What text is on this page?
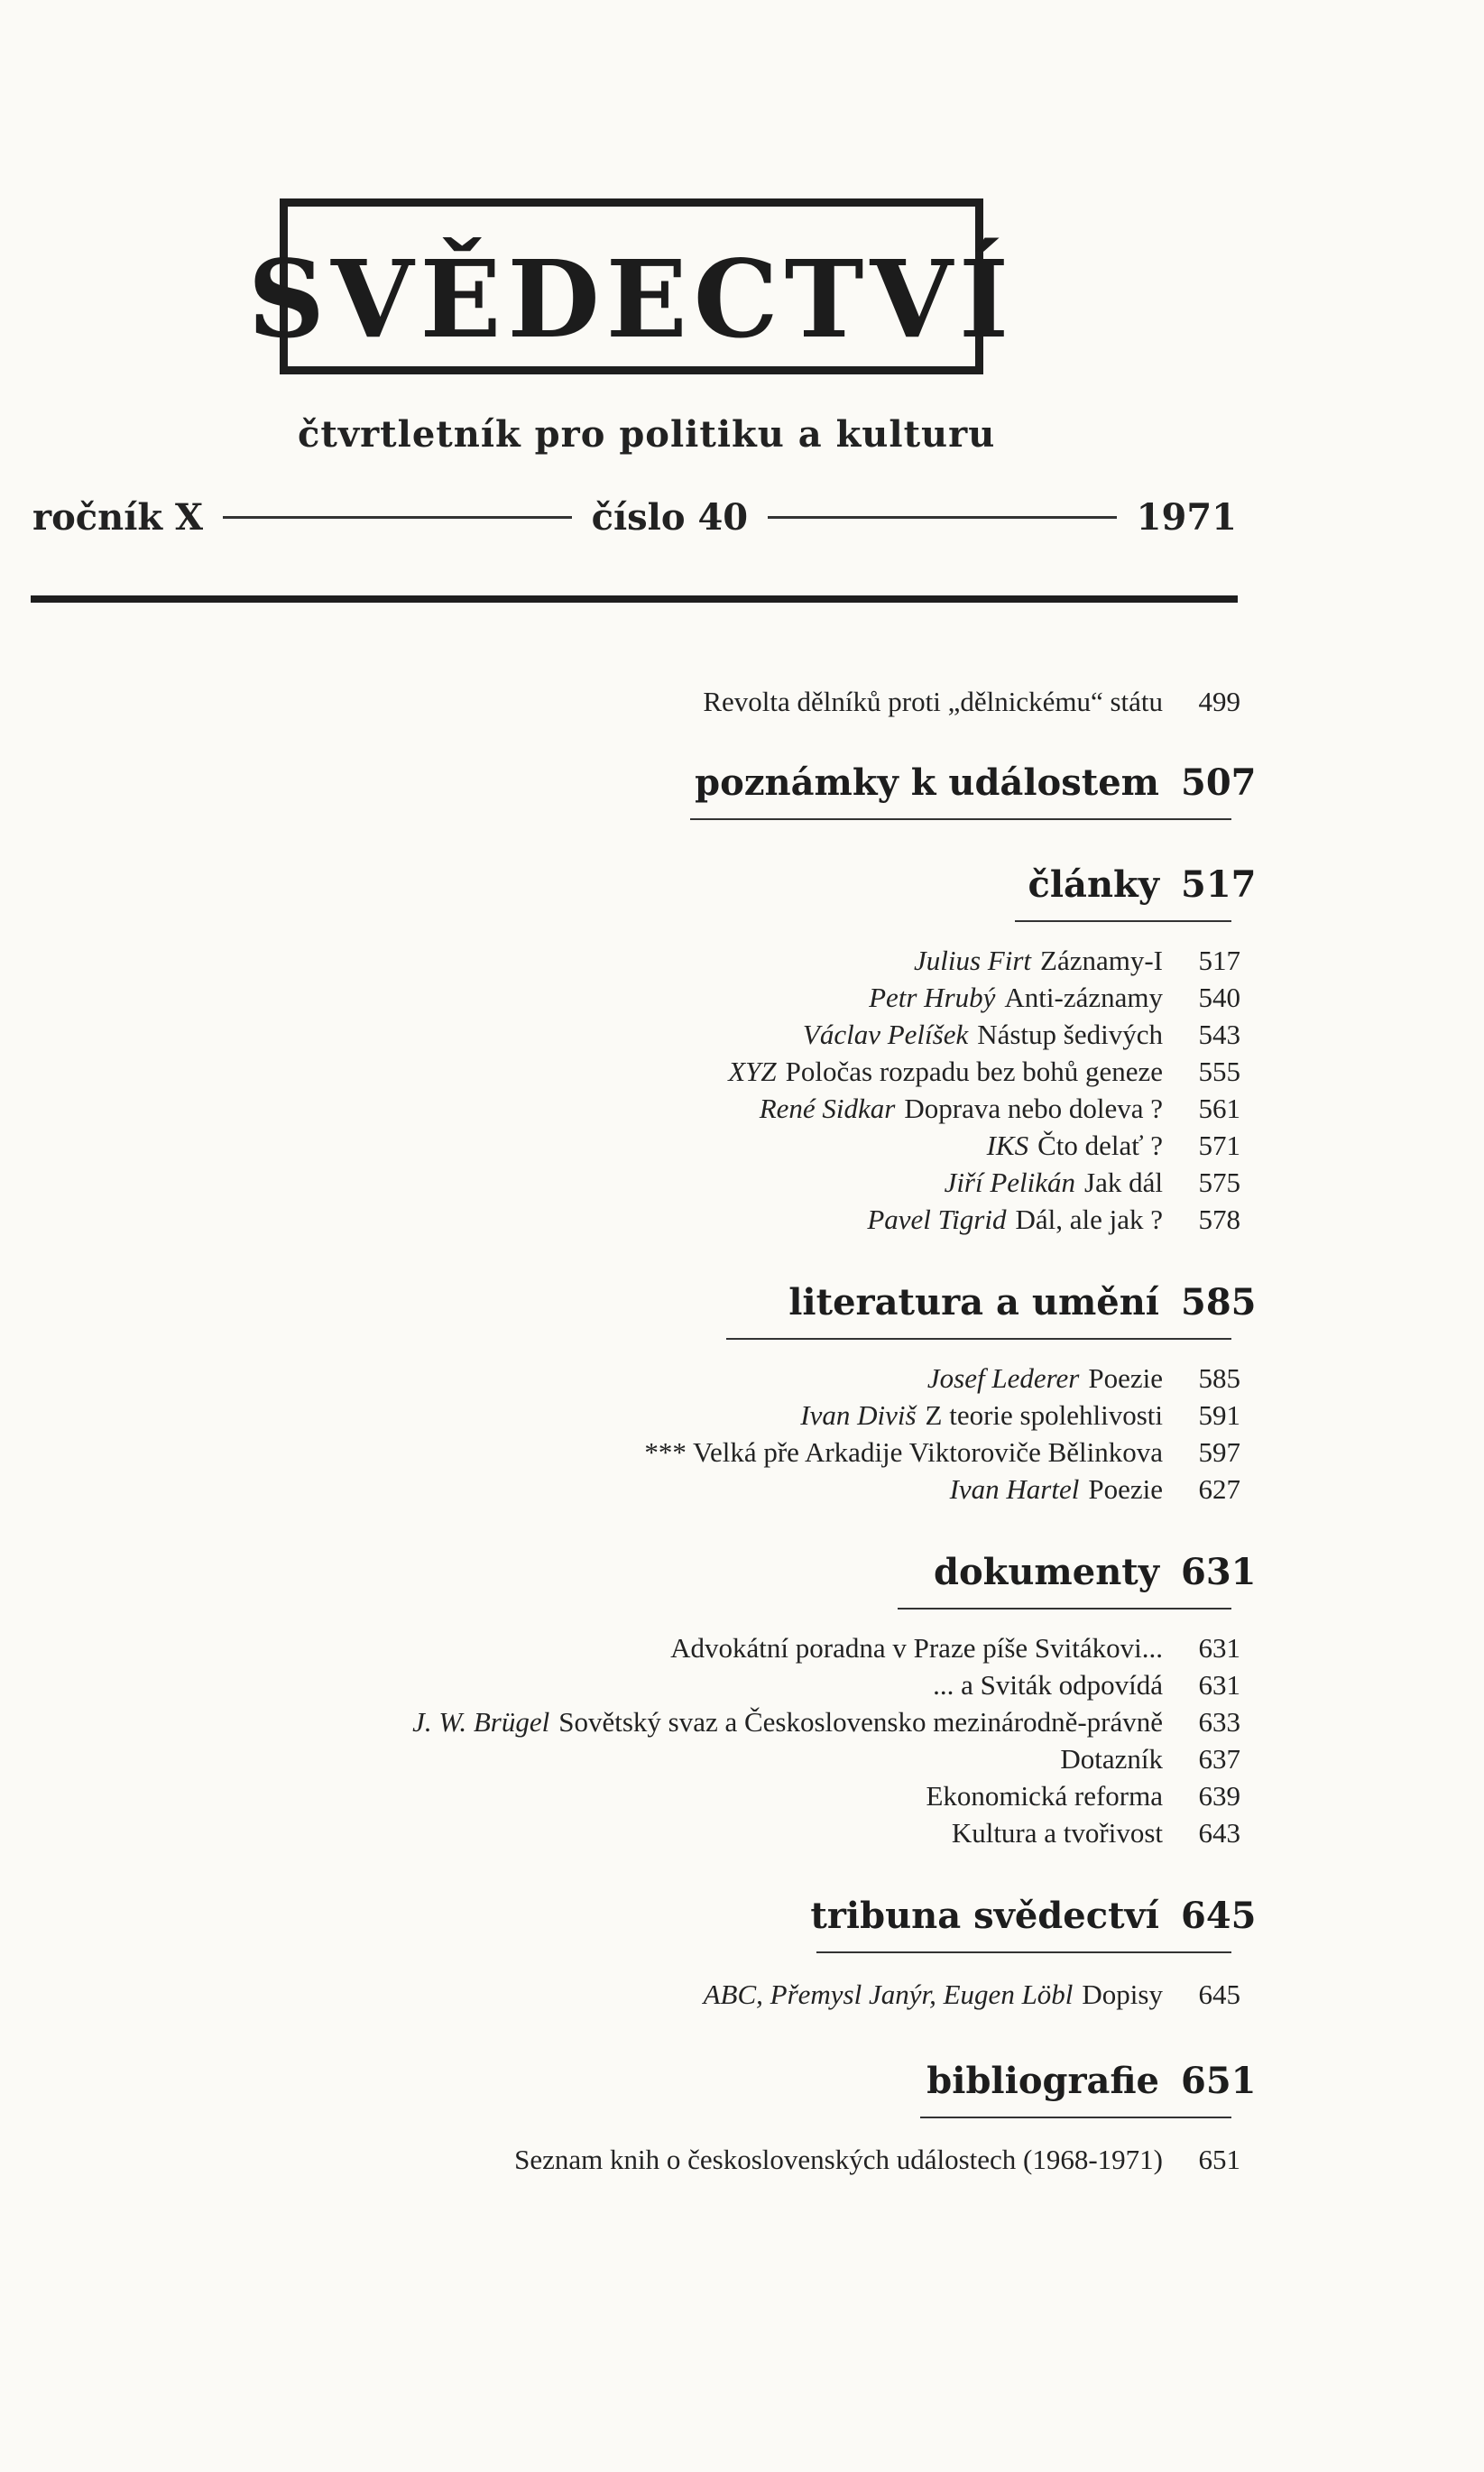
SVĚDECTVÍ
čtvrtletník pro politiku a kulturu
ročník X	číslo 40	1971
Revolta dělníků proti „dělnickému“ státu	499
poznámky k událostem 507
články 517
Julius Firt Záznamy-I	517
Petr Hrubý Anti-záznamy	540
Václav Pelíšek Nástup šedivých	543
XYZ Poločas rozpadu bez bohů geneze	555
René Sidkar Doprava nebo doleva ?	561
IKS Čto delať ?	571
Jiří Pelikán Jak dál	575
Pavel Tigrid Dál, ale jak ?	578
literatura a umění 585
Josef Lederer Poezie	585
Ivan Diviš Z teorie spolehlivosti	591
*** Velká pře Arkadije Viktoroviče Bělinkova	597
Ivan Hartel Poezie	627
dokumenty 631
Advokátní poradna v Praze píše Svitákovi...	631
... a Sviták odpovídá	631
J. W. Brügel Sovětský svaz a Československo mezinárodně-právně	633
Dotazník	637
Ekonomická reforma	639
Kultura a tvořivost	643
tribuna svědectví 645
ABC, Přemysl Janýr, Eugen Löbl Dopisy	645
bibliografie 651
Seznam knih o československých událostech (1968-1971)	651
